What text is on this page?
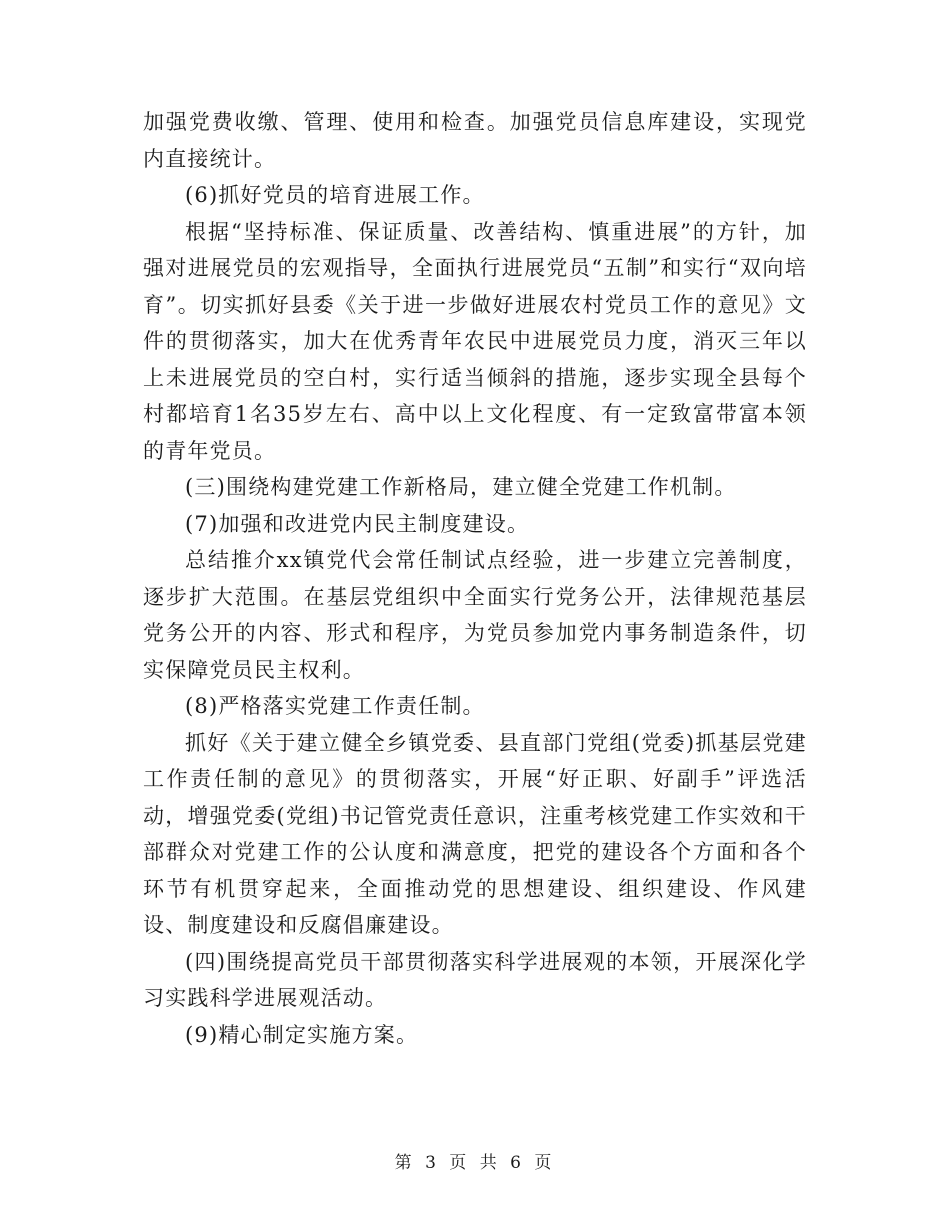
加强党费收缴、管理、使用和检查。加强党员信息库建设，实现党内直接统计。

(6)抓好党员的培育进展工作。

根据“坚持标准、保证质量、改善结构、慎重进展”的方针，加强对进展党员的宏观指导，全面执行进展党员“五制”和实行“双向培育”。切实抓好县委《关于进一步做好进展农村党员工作的意见》文件的贯彻落实，加大在优秀青年农民中进展党员力度，消灭三年以上未进展党员的空白村，实行适当倾斜的措施，逐步实现全县每个村都培育1名35岁左右、高中以上文化程度、有一定致富带富本领的青年党员。

(三)围绕构建党建工作新格局，建立健全党建工作机制。

(7)加强和改进党内民主制度建设。

总结推介xx镇党代会常任制试点经验，进一步建立完善制度，逐步扩大范围。在基层党组织中全面实行党务公开，法律规范基层党务公开的内容、形式和程序，为党员参加党内事务制造条件，切实保障党员民主权利。

(8)严格落实党建工作责任制。

抓好《关于建立健全乡镇党委、县直部门党组(党委)抓基层党建工作责任制的意见》的贯彻落实，开展“好正职、好副手”评选活动，增强党委(党组)书记管党责任意识，注重考核党建工作实效和干部群众对党建工作的公认度和满意度，把党的建设各个方面和各个环节有机贯穿起来，全面推动党的思想建设、组织建设、作风建设、制度建设和反腐倡廉建设。

(四)围绕提高党员干部贯彻落实科学进展观的本领，开展深化学习实践科学进展观活动。

(9)精心制定实施方案。

第 3 页 共 6 页
